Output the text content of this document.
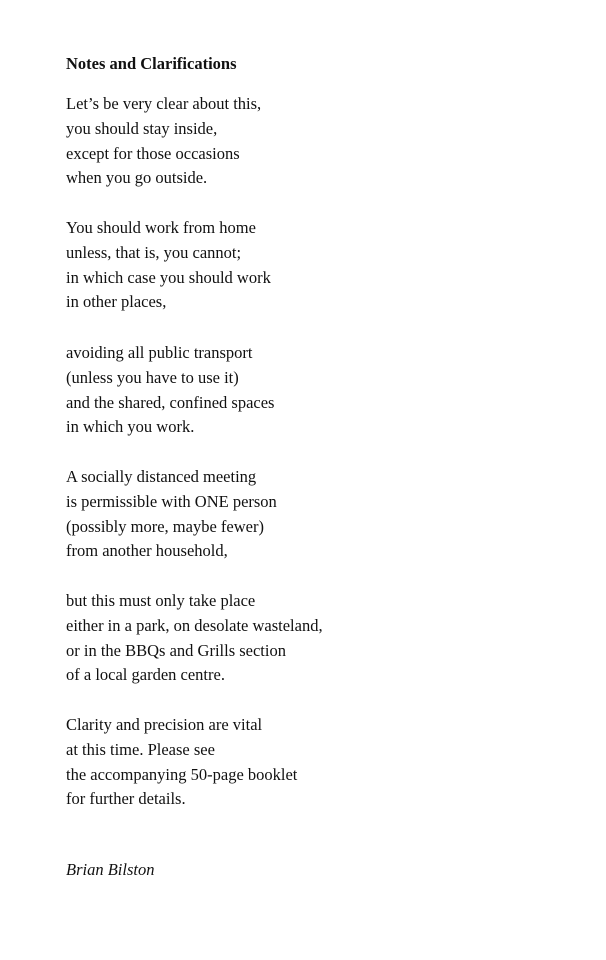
Notes and Clarifications
Let’s be very clear about this,
you should stay inside,
except for those occasions
when you go outside.
You should work from home
unless, that is, you cannot;
in which case you should work
in other places,
avoiding all public transport
(unless you have to use it)
and the shared, confined spaces
in which you work.
A socially distanced meeting
is permissible with ONE person
(possibly more, maybe fewer)
from another household,
but this must only take place
either in a park, on desolate wasteland,
or in the BBQs and Grills section
of a local garden centre.
Clarity and precision are vital
at this time. Please see
the accompanying 50-page booklet
for further details.

Brian Bilston
